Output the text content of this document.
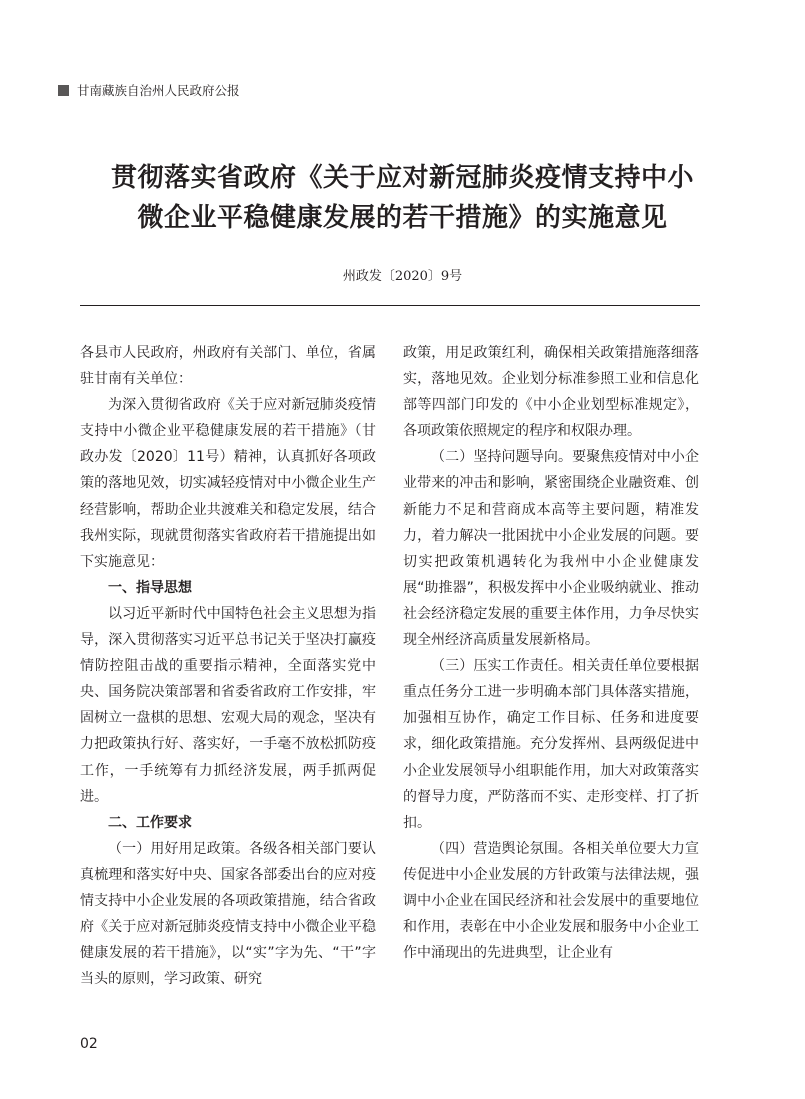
甘南藏族自治州人民政府公报
贯彻落实省政府《关于应对新冠肺炎疫情支持中小
微企业平稳健康发展的若干措施》的实施意见
州政发〔2020〕9号

各县市人民政府，州政府有关部门、单位，省属驻甘南有关单位：

为深入贯彻省政府《关于应对新冠肺炎疫情支持中小微企业平稳健康发展的若干措施》（甘政办发〔2020〕11号）精神，认真抓好各项政策的落地见效，切实减轻疫情对中小微企业生产经营影响，帮助企业共渡难关和稳定发展，结合我州实际，现就贯彻落实省政府若干措施提出如下实施意见：

一、指导思想

以习近平新时代中国特色社会主义思想为指导，深入贯彻落实习近平总书记关于坚决打赢疫情防控阻击战的重要指示精神，全面落实党中央、国务院决策部署和省委省政府工作安排，牢固树立一盘棋的思想、宏观大局的观念，坚决有力把政策执行好、落实好，一手毫不放松抓防疫工作，一手统筹有力抓经济发展，两手抓两促进。

二、工作要求

（一）用好用足政策。各级各相关部门要认真梳理和落实好中央、国家各部委出台的应对疫情支持中小企业发展的各项政策措施，结合省政府《关于应对新冠肺炎疫情支持中小微企业平稳健康发展的若干措施》，以“实”字为先、“干”字当头的原则，学习政策、研究

政策，用足政策红利，确保相关政策措施落细落实，落地见效。企业划分标准参照工业和信息化部等四部门印发的《中小企业划型标准规定》，各项政策依照规定的程序和权限办理。

（二）坚持问题导向。要聚焦疫情对中小企业带来的冲击和影响，紧密围绕企业融资难、创新能力不足和营商成本高等主要问题，精准发力，着力解决一批困扰中小企业发展的问题。要切实把政策机遇转化为我州中小企业健康发展“助推器”，积极发挥中小企业吸纳就业、推动社会经济稳定发展的重要主体作用，力争尽快实现全州经济高质量发展新格局。

（三）压实工作责任。相关责任单位要根据重点任务分工进一步明确本部门具体落实措施，加强相互协作，确定工作目标、任务和进度要求，细化政策措施。充分发挥州、县两级促进中小企业发展领导小组职能作用，加大对政策落实的督导力度，严防落而不实、走形变样、打了折扣。

（四）营造舆论氛围。各相关单位要大力宣传促进中小企业发展的方针政策与法律法规，强调中小企业在国民经济和社会发展中的重要地位和作用，表彰在中小企业发展和服务中小企业工作中涌现出的先进典型，让企业有

02
